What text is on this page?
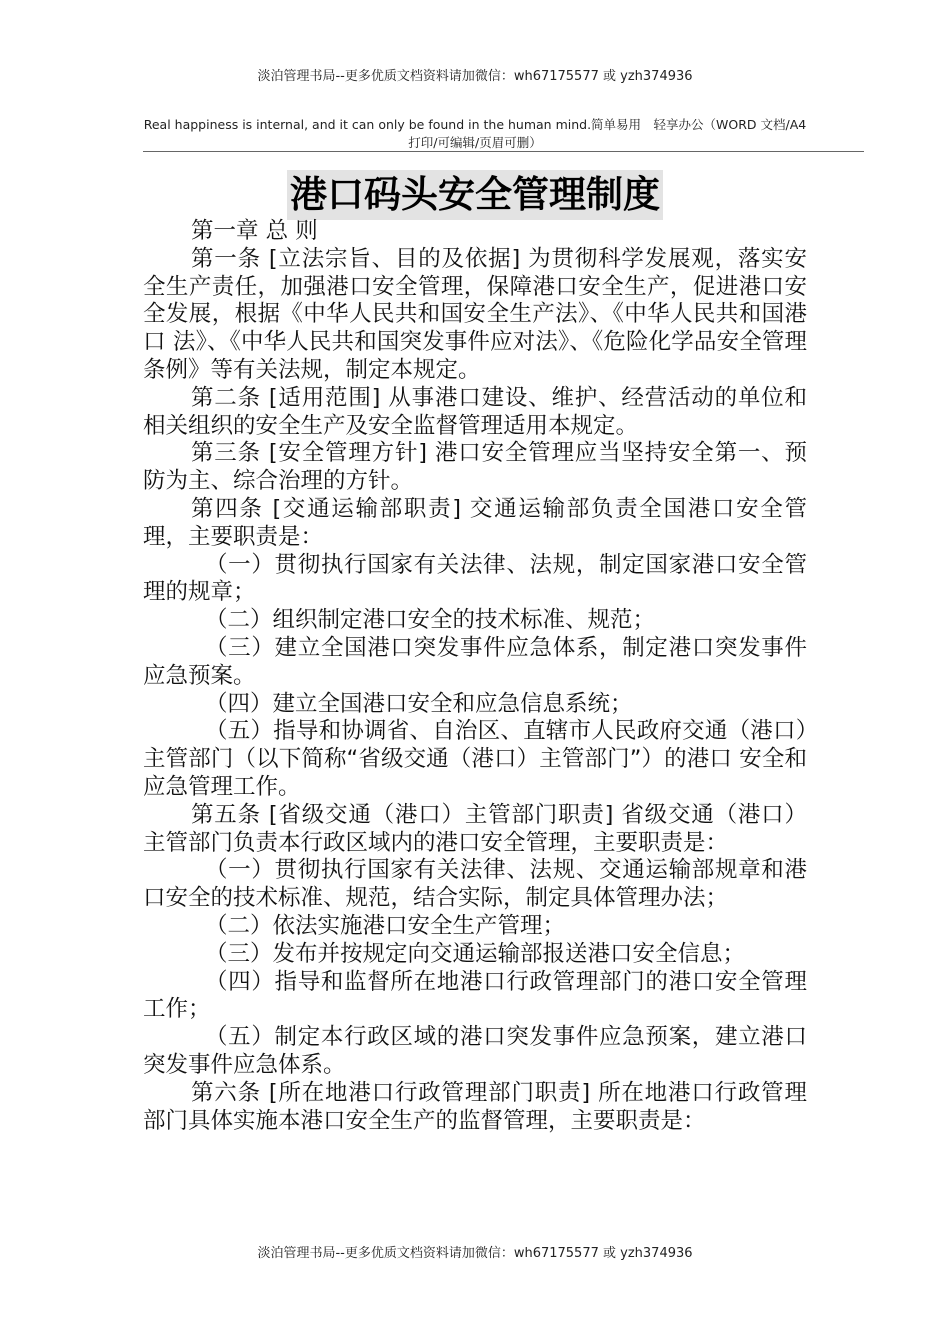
淡泊管理书局--更多优质文档资料请加微信：wh67175577 或 yzh374936
Real happiness is internal, and it can only be found in the human mind.简单易用　轻享办公（WORD 文档/A4 打印/可编辑/页眉可删）
港口码头安全管理制度

第一章 总 则

第一条 [立法宗旨、目的及依据] 为贯彻科学发展观，落实安全生产责任，加强港口安全管理，保障港口安全生产，促进港口安全发展，根据《中华人民共和国安全生产法》、《中华人民共和国港口 法》、《中华人民共和国突发事件应对法》、《危险化学品安全管理条例》等有关法规，制定本规定。

第二条 [适用范围] 从事港口建设、维护、经营活动的单位和相关组织的安全生产及安全监督管理适用本规定。

第三条 [安全管理方针] 港口安全管理应当坚持安全第一、预防为主、综合治理的方针。

第四条 [交通运输部职责] 交通运输部负责全国港口安全管理，主要职责是：

（一）贯彻执行国家有关法律、法规，制定国家港口安全管理的规章；

（二）组织制定港口安全的技术标准、规范；

（三）建立全国港口突发事件应急体系，制定港口突发事件应急预案。

（四）建立全国港口安全和应急信息系统；

（五）指导和协调省、自治区、直辖市人民政府交通（港口）主管部门（以下简称“省级交通（港口）主管部门”）的港口 安全和应急管理工作。

第五条 [省级交通（港口）主管部门职责] 省级交通（港口）主管部门负责本行政区域内的港口安全管理，主要职责是：

（一）贯彻执行国家有关法律、法规、交通运输部规章和港口安全的技术标准、规范，结合实际，制定具体管理办法；

（二）依法实施港口安全生产管理；

（三）发布并按规定向交通运输部报送港口安全信息；

（四）指导和监督所在地港口行政管理部门的港口安全管理工作；

（五）制定本行政区域的港口突发事件应急预案，建立港口突发事件应急体系。

第六条 [所在地港口行政管理部门职责] 所在地港口行政管理部门具体实施本港口安全生产的监督管理，主要职责是：

淡泊管理书局--更多优质文档资料请加微信：wh67175577 或 yzh374936
